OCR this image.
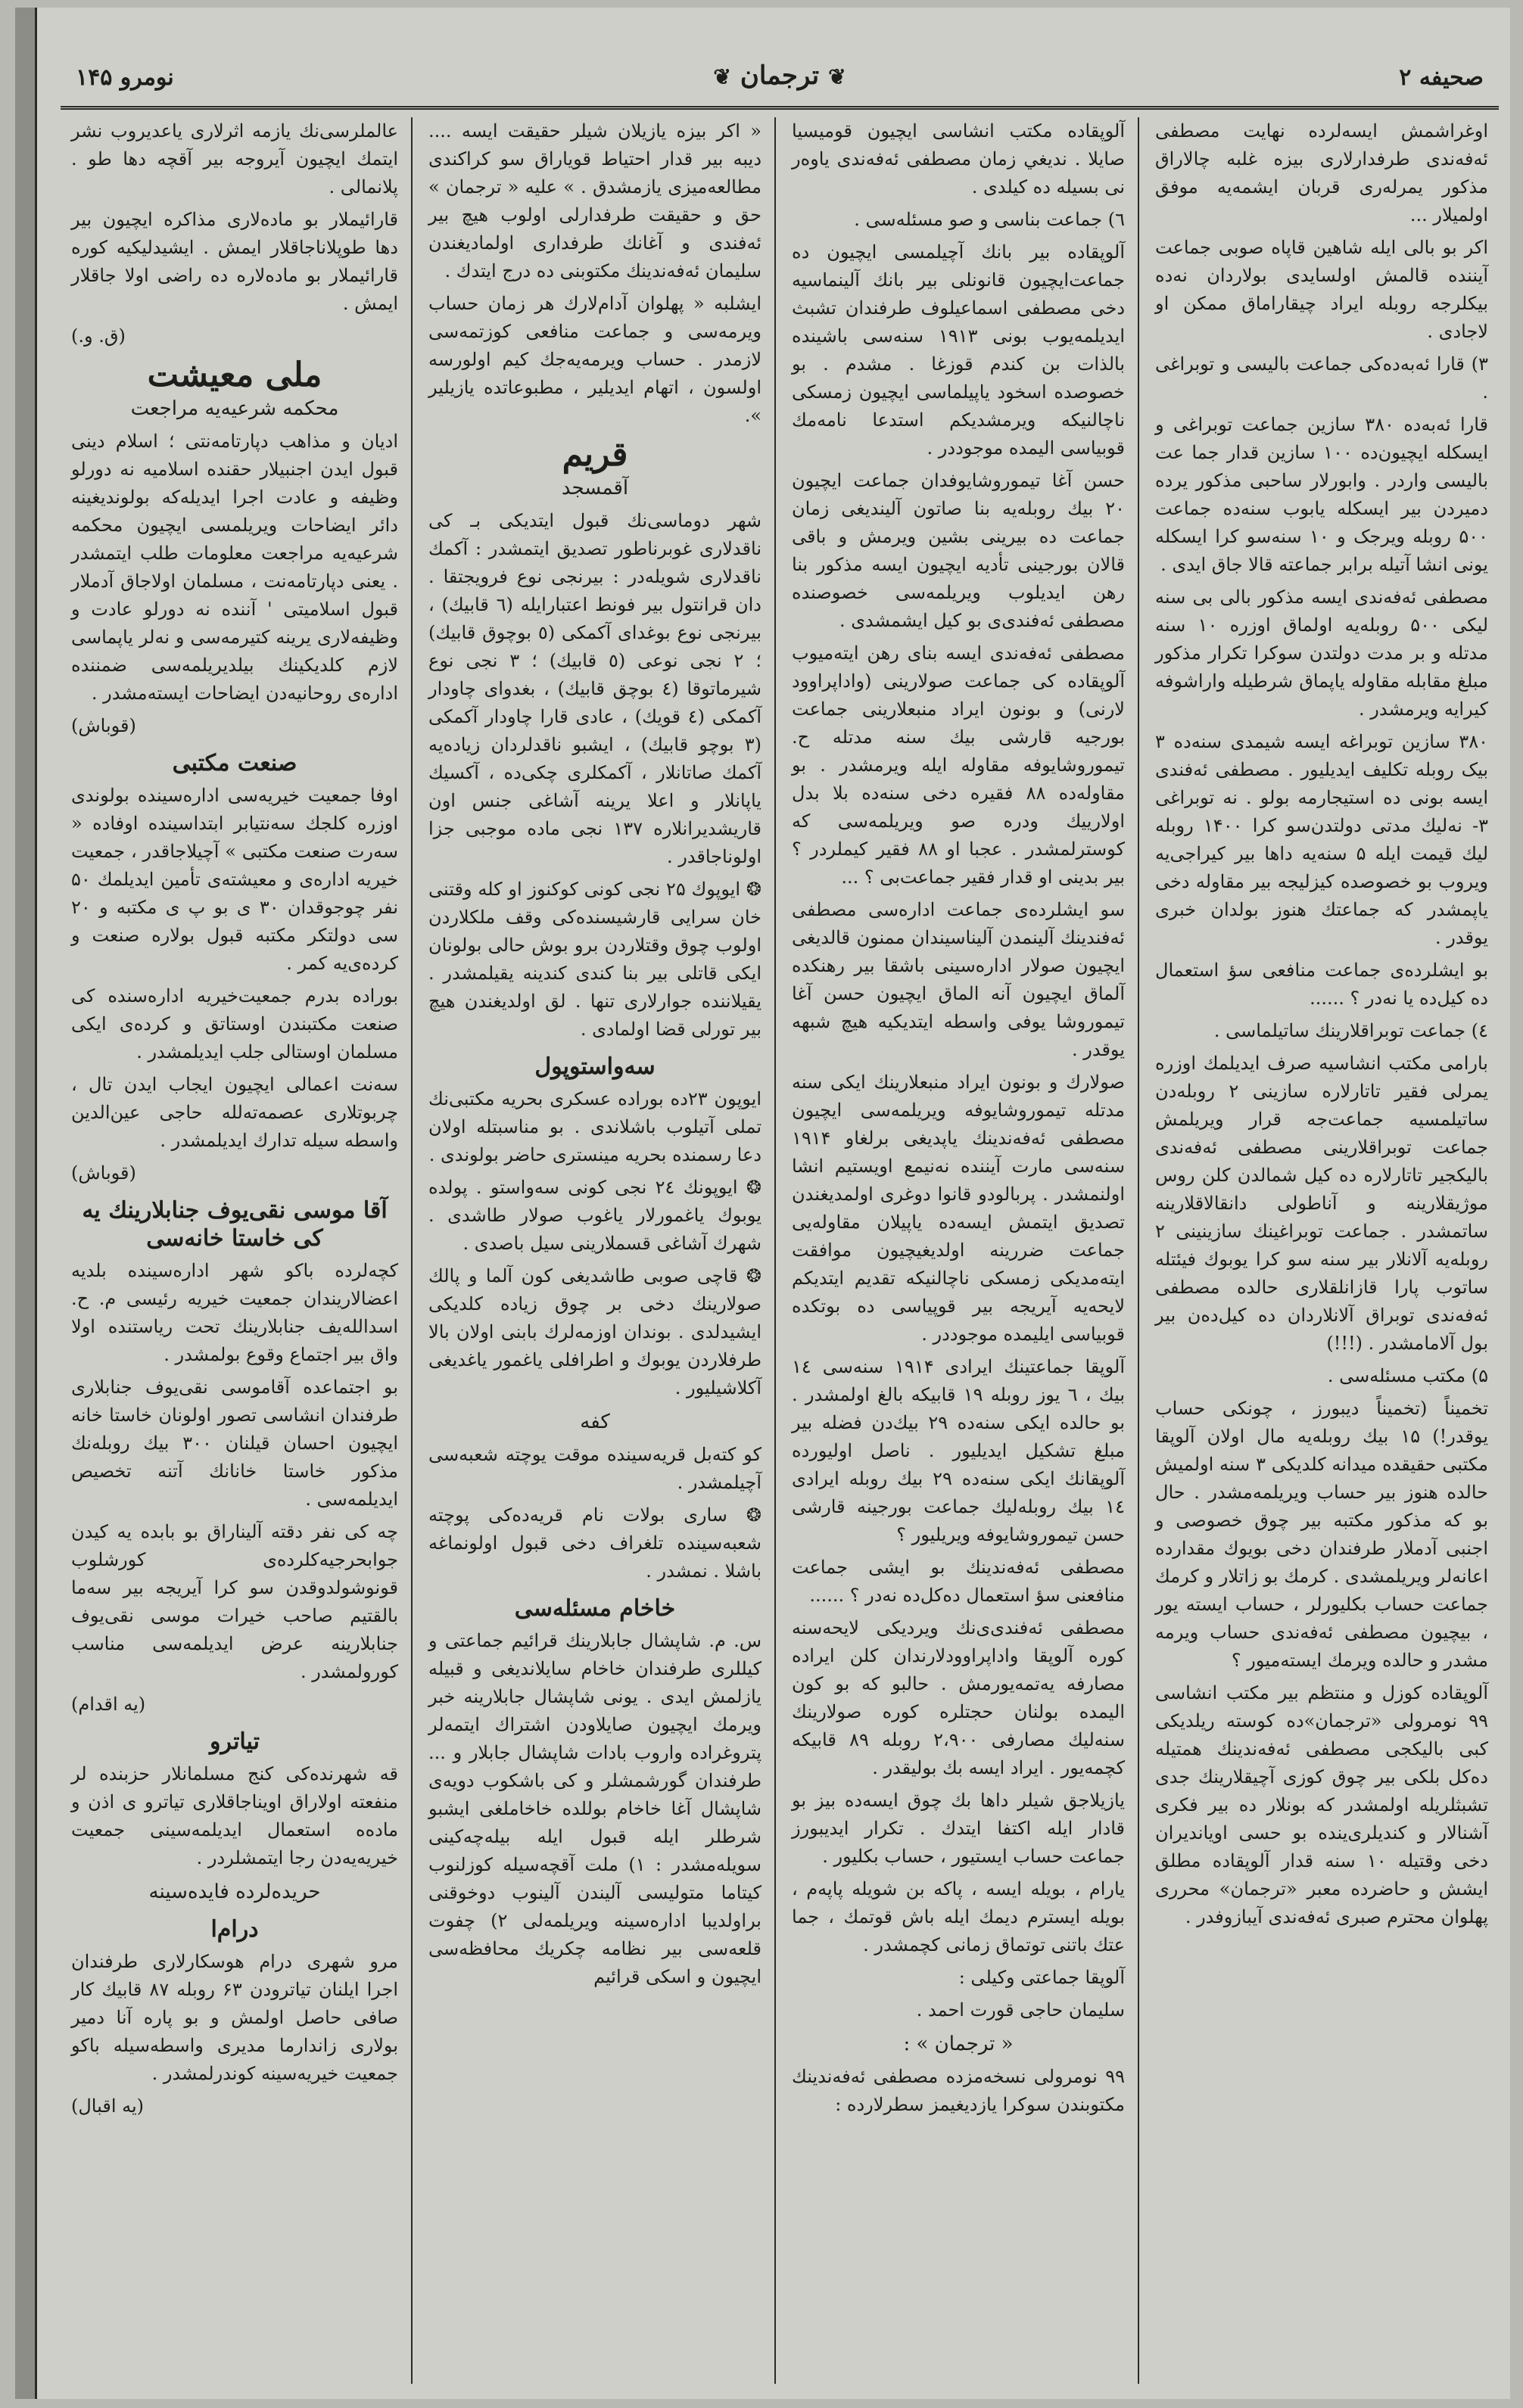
صحيفه ۲
❦ترجمان❦
نومرو ۱۴۵

اوغراشمش ایسه‌لرده نهایت مصطفی ئه‌فه‌ندی طرفدارلاری بیزه غلبه چالاراق مذکور یمرله‌ری قربان ایشمه‌یه موفق اولمیلار ...

اکر بو بالی ایله شاهین قاپاه صوبی جماعت آیننده قالمش اولسایدی بولاردان نه‌ده بیکلرجه روبله ایراد چیقاراماق ممکن او لاجادی .

۳) قارا ئه‌به‌ده‌کی جماعت بالیسی و توبراغی .

قارا ئه‌به‌ده ۳۸۰ سازین جماعت توبراغی و ایسکله ایچیون‌ده ۱۰۰ سازین قدار جما عت بالیسی واردر . وابورلار ساحبی مذکور یرده دمیردن بیر ایسکله یابوب سنه‌ده جماعت ۵۰۰ روبله ویرجک و ۱۰ سنه‌سو کرا ایسکله یونی انشا آتیله برابر جماعته قالا جاق ایدی .

مصطفی ئه‌فه‌ندی ایسه مذکور بالی بی سنه لیکی ۵۰۰ روبله‌یه اولماق اوزره ۱۰ سنه مدتله و بر مدت دولتدن سوکرا تکرار مذکور مبلغ مقابله مقاوله یاپماق شرطیله واراشوفه کیرایه ویرمشدر .

۳۸۰ سازین توبراغه ایسه شیمدی سنه‌ده ۳ بیک روبله تکلیف ایدیلیور . مصطفی ئه‌فندی ایسه بونی ده استیجارمه بولو . نه توبراغی ۳- نه‌لیك مدتی دولتدن‌سو کرا ۱۴۰۰ روبله‌ لیك قیمت ایله ۵ سنه‌یه داها بیر کیراجی‌یه ویروب بو خصوصده کیزلیجه‌ بیر مقاوله دخی یاپمشدر که جماعتك هنوز بولدان خبری یوقدر .

بو ایشلرده‌ی جماعت منافعی سؤ استعمال ده کیل‌ده یا نه‌در ؟ ......

٤) جماعت توبراقلارینك ساتیلماسی .

بارامی مکتب انشاسیه صرف ایدیلمك اوزره یمرلی فقیر تاتارلاره سازینی ۲ روبله‌دن ساتیلمسیه جماعت‌جه قرار ویریلمش جماعت توبراقلارینی مصطفی ئه‌فه‌ندی بالیکجیر تاتارلاره ده کیل شمالدن کلن روس موژیقلارینه و آناطولی دانقالاقلارینه ساتمشدر . جماعت توبراغینك سازینینی ۲ روبله‌یه آلانلار بیر سنه سو کرا یوبوك فیئتله ساتوب پارا قازانلقلاری حالده مصطفی ئه‌فه‌ندی توبراق آلانلاردان ده کیل‌ده‌ن بیر بول آلامامشدر . (!!!)

۵) مکتب مسئله‌سی .

تخمیناً (تخمیناً دیبورز ، چونکی حساب یوقدر!) ۱۵ بیك روبله‌یه مال اولان آلوپقا مکتبی حقیقده میدانه کلدیکی ۳ سنه اولمیش حالده هنوز بیر حساب ویریلمه‌مشدر . حال بو که مذکور مکتبه بیر چوق خصوصی و اجنبی آدملار طرفندان دخی بویوك مقدارده اعانه‌لر ویریلمشدی . کرمك بو زاتلار و کرمك جماعت حساب بکلیورلر ، حساب ایسته یور ، بیچیون مصطفی ئه‌فه‌ندی حساب ویرمه مشدر و حالده ویرمك ایسته‌میور ؟

آلوپقاده کوزل و منتظم بیر مکتب انشاسی ۹۹ نومرولی «ترجمان»‌ده کوسته ریلدیکی کبی بالیکجی مصطفی ئه‌فه‌ندینك همتیله ده‌کل بلکی بیر چوق کوزی آچیقلار‌ینك جدی تشبثلریله اولمشدر که بونلار ده بیر فکری آشنالار و کندیلری‌ینده بو حسی اویاندیران دخی وقتیله ۱۰ سنه قدار آلوپقاده مطلق ایشش و حاضرده معبر «ترجمان» محرری پهلوان محترم صبری ئه‌فه‌ندی آیبازوفدر .

آلوپقاده مکتب انشاسی ایچیون قومیسیا صایلا . نديغي زمان مصطفی ئه‌فه‌ندی یاوه‌ر نی بسیله ده کیلدی .

٦) جماعت بناسی و صو مسئله‌سی .

آلوپقاده بیر بانك آچیلمسی ایچیون ده جماعت‌ایچیون قانونلی بیر بانك آلینماسیه دخی مصطفی اسماعیلوف طرفندان تشبث ایدیلمه‌یوب بونی ۱۹۱۳ سنه‌سی باشینده بالذات بن کندم قوزغا . مشدم . بو خصوصده اسخود یاپیلماسی ایچیون زمسکی ناچالنیکه ویرمشدیکم استدعا نامه‌مك قوبیاسی الیمده موجوددر .

حسن آغا تیموروشایوفدان جماعت ایچیون ۲۰ بیك روبله‌یه بنا صاتون آلیندیغی زمان جماعت ده بیرینی بشین ویرمش و باقی قالان بورجینی تأدیه ایچیون ایسه مذکور بنا رهن ایدیلوب ویریلمه‌سی خصوصنده مصطفی ئه‌فندی‌ی‌ بو کیل ایشمشدی .

مصطفی ئه‌فه‌ندی ایسه بنای رهن ایته‌میوب آلوپقاده کی جماعت صولارینی (واداپراوود لارنی) و بونون ایراد منبعلارینی جماعت بورجیه قارشی بیك سنه مدتله ح. تیموروشایوفه مقاوله ایله ویرمشدر . بو مقاوله‌ده ۸۸ فقیره دخی سنه‌ده بلا بدل اولارییك ودره صو ویریلمه‌سی که کوسترلمشدر . عجبا او ۸۸ فقیر کیملردر ؟ بیر بدینی او قدار فقیر جماعت‌بی ؟ ...

سو ایشلرده‌ی جماعت اداره‌سی مصطفی ئه‌فندینك آلینمدن آلیناسیندان ممنون قالدیغی ایچیون صولار اداره‌سینی باشقا بیر رهنکده آلماق ایچیون آنه الماق ایچیون حسن آغا تیموروشا یوفی واسطه ایتدیکیه هیچ شبهه یوقدر .

صولارك و بونون ایراد منبعلارینك ایکی سنه مدتله تیموروشایوفه ویریلمه‌سی ایچیون مصطفی ئه‌فه‌ندینك یاپدیغی برلغاو ۱۹۱۴ سنه‌سی مارت آیننده نه‌نیمع اویستیم انشا اولنمشدر . پربالودو قانوا دوغری اولمدیغندن تصدیق ایتمش ایسه‌ده یاپیلان مقاوله‌یی جماعت ضررینه اولدیغیچیون موافقت ایته‌مدیکی زمسکی ناچالنیکه تقدیم ایتدیکم لایحه‌یه آیریجه بیر قوپیاسی ده بوتکده قوبیاسی ایلیمده موجوددر .

آلوپقا جماعتینك ایرادی ۱۹۱۴ سنه‌سی ۱٤ بیك ، ٦ یوز روبله ۱۹ قابیکه بالغ اولمشدر . بو حالده ایکی سنه‌ده ۲۹ بیك‌دن فضله بیر مبلغ تشکیل ایدیلیور . ناصل اولیور‌ده آلوپقانك ایکی سنه‌ده ۲۹ بیك روبله ایرادی ۱٤ بیك روبله‌لیك جماعت بورجینه قارشی حسن تیموروشایوفه ویریلیور ؟

مصطفی ئه‌فه‌ندینك بو ایشی جماعت منافعنی سؤ استعمال ده‌کل‌ده نه‌در ؟ ......

مصطفی ئه‌فندی‌ی‌نك ویردیکی لایحه‌سنه کوره آلوپقا واداپراوودلارندان کلن ایراده مصارفه یه‌تمه‌یورمش . حالبو که بو کون الیمده بولنان حجتلره کوره صولارینك سنه‌لیك مصارفی ۲،۹۰۰ روبله ۸۹ قابیکه کچمه‌یور . ایراد ایسه بك بولیقدر .

یازیلاجق شیلر داها بك چوق ایسه‌ده بیز بو قادار ایله اکتفا ایتدك . تکرار ایدیبورز جماعت حساب ایستیور ، حساب بکلیور .

یارام ، بویله ایسه ، پاکه بن شویله پاپه‌م ، بویله ایسترم دیمك ایله باش قوتمك ، جما عتك باتنی توتماق زمانی کچمشدر .

آلوپقا جماعتی وکیلی :

سلیمان حاجی قورت احمد .

« ترجمان » :

۹۹ نومرولی نسخه‌مزده مصطفی ئه‌فه‌ندینك مکتوبندن سوکرا یازدیغیمز سطرلارده :

« اکر بیزه یازیلان شیلر حقیقت ایسه .... دیبه بیر قدار احتیاط قویاراق سو کراکندی مطالعه‌میزی یازمشدق . »‌ علیه « ترجمان » حق و حقیقت طرفدارلی اولوب هیچ بیر ئه‌فندی و آغانك طرفداری اولمادیغندن سلیمان ئه‌فه‌ندینك مکتوبنی ده درج ایتدك .

ایشلبه « پهلوان آدام‌لارك هر زمان حساب ویرمه‌سی و جماعت منافعی کوزتمه‌سی لازمدر . حساب ویرمه‌یه‌جك کیم اولورسه اولسون ، اتهام ایدیلیر ، مطبوعاتده یازیلیر ».

قریم
آقمسجد

شهر دوماسی‌نك قبول ایتدیکی بـ کی ناقدلاری غوبرناطور تصدیق ایتمشدر : آکمك ناقدلاری شویله‌در : بیرنجی نوع فرویجتقا . دان قرانتول بیر فونط اعتبارایله (٦ قابیك) ، بیرنجی نوع بوغدای آکمکی (٥ بوچوق قابیك) ؛ ۲ نجی نوعی (٥ قابیك) ؛ ۳ نجی نوع شیرماتوقا (٤ بوچق قابیك) ، بغدوای چاودار آکمکی (٤ قویك) ، عادی قارا چاودار آکمکی (۳ بوچو قابیك) ، ایشبو ناقدلردان زیاده‌یه آکمك صاتانلار ، آکمکلری چکی‌ده ، آکسیك یاپانلار و اعلا یرینه آشاغی جنس اون قاریشدیرانلاره ۱۳۷ نجی ماده موجبی جزا اولونا‌جاقدر .

❂ ایوپوك ۲۵ نجی کونی کوکنوز او کله وقتنی خان سرایی قارشیسنده‌کی وقف ملکلاردن اولوب چوق وقتلاردن برو بوش حالی بولونان ایکی قاتلی بیر بنا کندی کندینه یقیلمشدر . یقیلاننده جوارلاری تنها . لق اولدیغندن هیچ بیر تورلی قضا اولمادی .

سه‌واستوپول

ایوپون ۲۳ده بوراده عسکری بحریه مکتبی‌نك تملی آتیلوب باشلاندی . بو مناسبتله اولان دعا رسمنده بحریه مینستری حاضر بولوندی .

❂ ایوپونك ۲٤ نجی کونی سه‌واستو . پولده یوبوك یاغمورلار یاغوب صولار طاشدی . شهرك آشاغی قسملارینی سیل باصدی .

❂ قاچی صوبی طاشدیغی کون آلما و پالك صولارینك دخی بر چوق زیاده کلدیکی ایشیدلدی . بوندان اوزمه‌لرك بابنی اولان بالا طرفلاردن یوبوك و اطرافلی یاغمور یاغدیغی آکلاشیلیور .

کفه

کو کته‌بل قریه‌سینده موقت یوچته شعبه‌سی آچیلمشدر .

❂ ساری بولات نام قریه‌ده‌کی پوچته شعبه‌سینده تلغراف دخی قبول اولونماغه باشلا . نمشدر .

خاخام مسئله‌سی

س. م. شاپشال جابلارینك قرائیم جماعتی و کیللری طرفندان خاخام سایلاندیغی و قبیله یازلمش ایدی . یونی شاپشال جابلارینه خبر ویرمك ایچیون صایلاودن اشتراك ایتمه‌لر پتروغراده واروب بادات شاپشال جابلار و ... طرفندان گورشمشلر و کی باشکوب دویه‌ی شاپشال آغا خاخام بوللده خاخاملغی ایشبو شرطلر ایله قبول ایله بیله‌چه‌کینی سویله‌مشدر : ۱) ملت آقچه‌سیله کوزلنوب کیتاما متولیسی آلیندن آلینوب دوخوقنی براولدیبا اداره‌سینه ویریلمه‌لی ۲) چفوت قلعه‌سی بیر نظامه چکریك محافظه‌سی ایچیون و اسکی قرائیم

عالملرسی‌نك یازمه اثرلاری یاعدیروب نشر ایتمك ایچیون آیروجه بیر آقچه دها طو . پلانمالی .

قارائیملار بو ماده‌لاری مذاکره ایچیون بیر‌ دها طوپلاناجاقلار ایمش . ایشیدلیکیه کوره قارائیملار بو ماده‌لاره ده راضی اولا جاقلار ایمش .

(ق. و.)

ملی معیشت
محکمه شرعیه‌یه مراجعت

ادیان و مذاهب دپارتامه‌نتی ؛ اسلام دینی قبول ایدن اجنبیلار حقنده اسلامیه نه دورلو وظیفه و عادت اجرا ایدیله‌که بولوندیغینه دائر ایضاحات ویریلمسی ایچیون محکمه شرعیه‌یه مراجعت معلومات طلب ایتمشدر . یعنی دپارتامه‌نت ، مسلمان اولاجاق آدملار قبول اسلامیتی ' آننده نه دورلو عادت و وظیفه‌لاری یرینه کتیرمه‌سی و نه‌لر یاپماسی لازم کلدیکینك بیلدیریلمه‌سی ضمننده اداره‌ی روحانیه‌دن ایضاحات ایسته‌مشدر .

(قوباش)

صنعت مکتبی

اوفا جمعیت خیریه‌سی اداره‌سینده بولوندی اوزره کلجك سه‌نتیابر ابتداسینده اوفاده « سه‌رت صنعت مکتبی » آچیلاجاقدر ، جمعیت خیریه اداره‌ی و معیشته‌ی تأمین ایدیلمك ۵۰ نفر چوجوقدان ۳۰ ی بو پ ی مکتبه و ۲۰ سی دولتکر مکتبه قبول بولاره صنعت و کرده‌ی‌یه کمر .

بوراده بدرم جمعیت‌خیریه اداره‌سنده کی صنعت مکتبندن اوستاتق و کرده‌ی ایکی مسلمان اوستالی جلب ایدیلمشدر .

سه‌نت اعمالی ایچیون ایجاب ایدن تال ، چربوتلاری عصمه‌ته‌لله حاجی عین‌الدین واسطه سیله تدارك ایدیلمشدر .

(قوباش)

آقا موسی نقی‌یوف جنابلارینك یه کی خاستا خانه‌سی

کچه‌لرده باکو شهر اداره‌سینده بلدیه اعضالاریندان جمعیت خیریه رئیسی م. ح. اسدالله‌یف جنابلارینك تحت ریاستنده اولا واق بیر اجتماع وقوع بولمشدر .

بو اجتماعده آقاموسی نقی‌یوف جنابلاری طرفندان انشاسی تصور اولونان خاستا خانه ایچیون احسان قیلنان ۳۰۰ بیك روبله‌نك مذکور خاستا خانانك آتنه تخصیص ایدیلمه‌سی .

چه کی نفر دقته آلیناراق بو بابده یه کیدن جوابحرجیه‌کلرده‌ی کورشلوب قونوشولدوقدن سو کرا آیریجه بیر سه‌ما بالقتیم صاحب خیرات موسی نقی‌یوف جنابلارینه عرض ایدیلمه‌سی مناسب کورولمشدر .

(یه اقدام)

تیاترو

قه شهرنده‌کی کنج مسلمانلار حزبنده لر منفعته اولاراق اویناجاقلاری تیاترو ی اذن و ماده‌ه استعمال ایدیلمه‌سینی جمعیت خیریه‌یه‌دن رجا ایتمشلردر .

حریده‌لرده فایده‌سینه
درام‌ا

مرو شهری درام هوسکارلاری طرفندان اجرا ایلنان تیاترودن ۶۳ روبله ۸۷ قابیك کار صافی حاصل اولمش و بو پاره آنا دمیر بولاری زاندارما مدیری واسطه‌سیله باکو جمعیت خیریه‌سینه کوندرلمشدر .

(یه اقبال)
